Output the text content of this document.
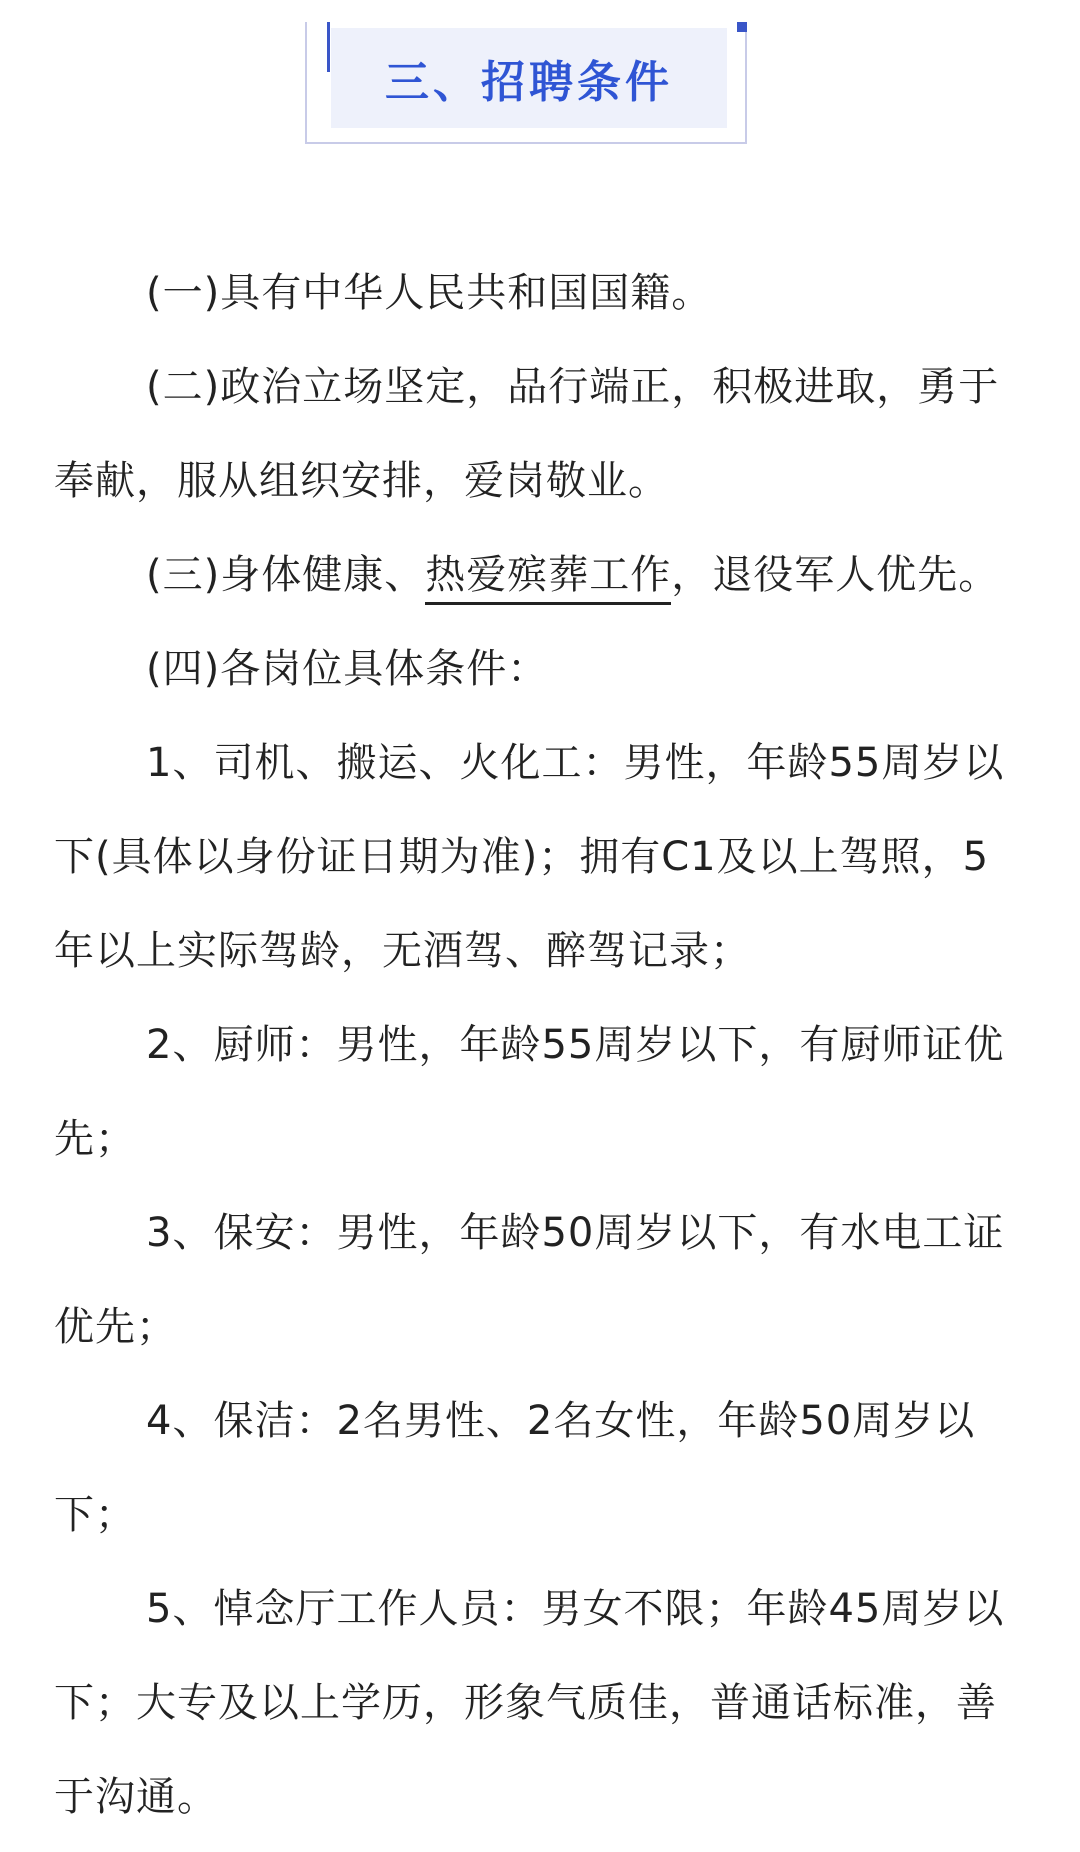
三、招聘条件

(一)具有中华人民共和国国籍。

(二)政治立场坚定，品行端正，积极进取，勇于奉献，服从组织安排，爱岗敬业。

(三)身体健康、热爱殡葬工作，退役军人优先。

(四)各岗位具体条件：

1、司机、搬运、火化工：男性，年龄55周岁以下(具体以身份证日期为准)；拥有C1及以上驾照，5年以上实际驾龄，无酒驾、醉驾记录；

2、厨师：男性，年龄55周岁以下，有厨师证优先；

3、保安：男性，年龄50周岁以下，有水电工证优先；

4、保洁：2名男性、2名女性，年龄50周岁以下；

5、悼念厅工作人员：男女不限；年龄45周岁以下；大专及以上学历，形象气质佳，普通话标准，善于沟通。
